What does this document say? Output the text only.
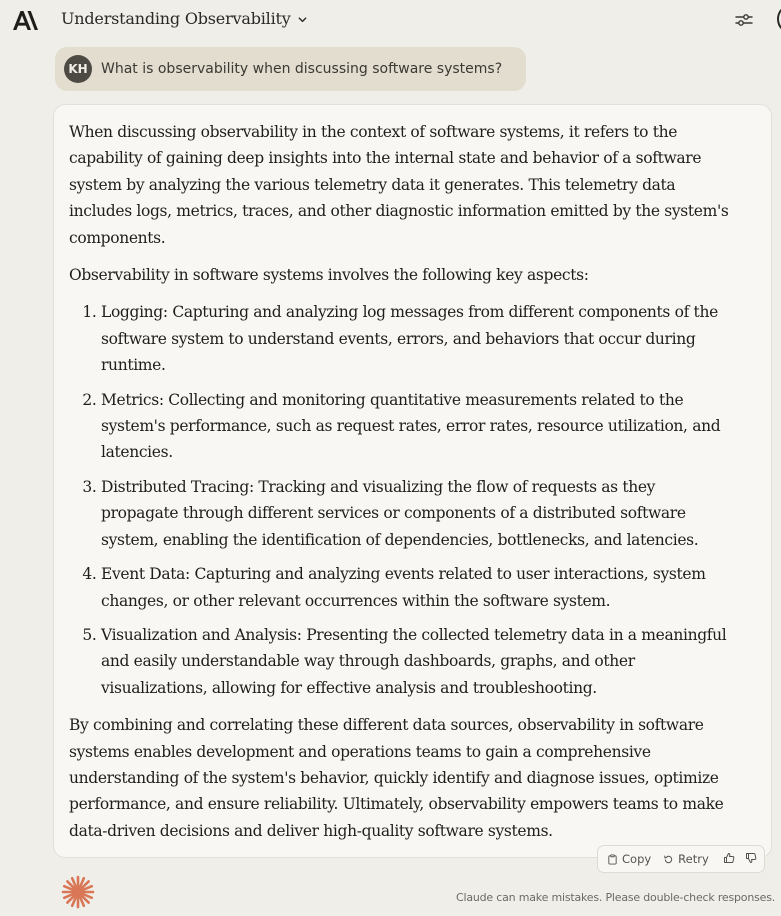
Understanding Observability
KH What is observability when discussing software systems?

When discussing observability in the context of software systems, it refers to the capability of gaining deep insights into the internal state and behavior of a software system by analyzing the various telemetry data it generates. This telemetry data includes logs, metrics, traces, and other diagnostic information emitted by the system's components.

Observability in software systems involves the following key aspects:

1. Logging: Capturing and analyzing log messages from different components of the software system to understand events, errors, and behaviors that occur during runtime.
2. Metrics: Collecting and monitoring quantitative measurements related to the system's performance, such as request rates, error rates, resource utilization, and latencies.
3. Distributed Tracing: Tracking and visualizing the flow of requests as they propagate through different services or components of a distributed software system, enabling the identification of dependencies, bottlenecks, and latencies.
4. Event Data: Capturing and analyzing events related to user interactions, system changes, or other relevant occurrences within the software system.
5. Visualization and Analysis: Presenting the collected telemetry data in a meaningful and easily understandable way through dashboards, graphs, and other visualizations, allowing for effective analysis and troubleshooting.

By combining and correlating these different data sources, observability in software systems enables development and operations teams to gain a comprehensive understanding of the system's behavior, quickly identify and diagnose issues, optimize performance, and ensure reliability. Ultimately, observability empowers teams to make data-driven decisions and deliver high-quality software systems.

Copy Retry
Claude can make mistakes. Please double-check responses.
